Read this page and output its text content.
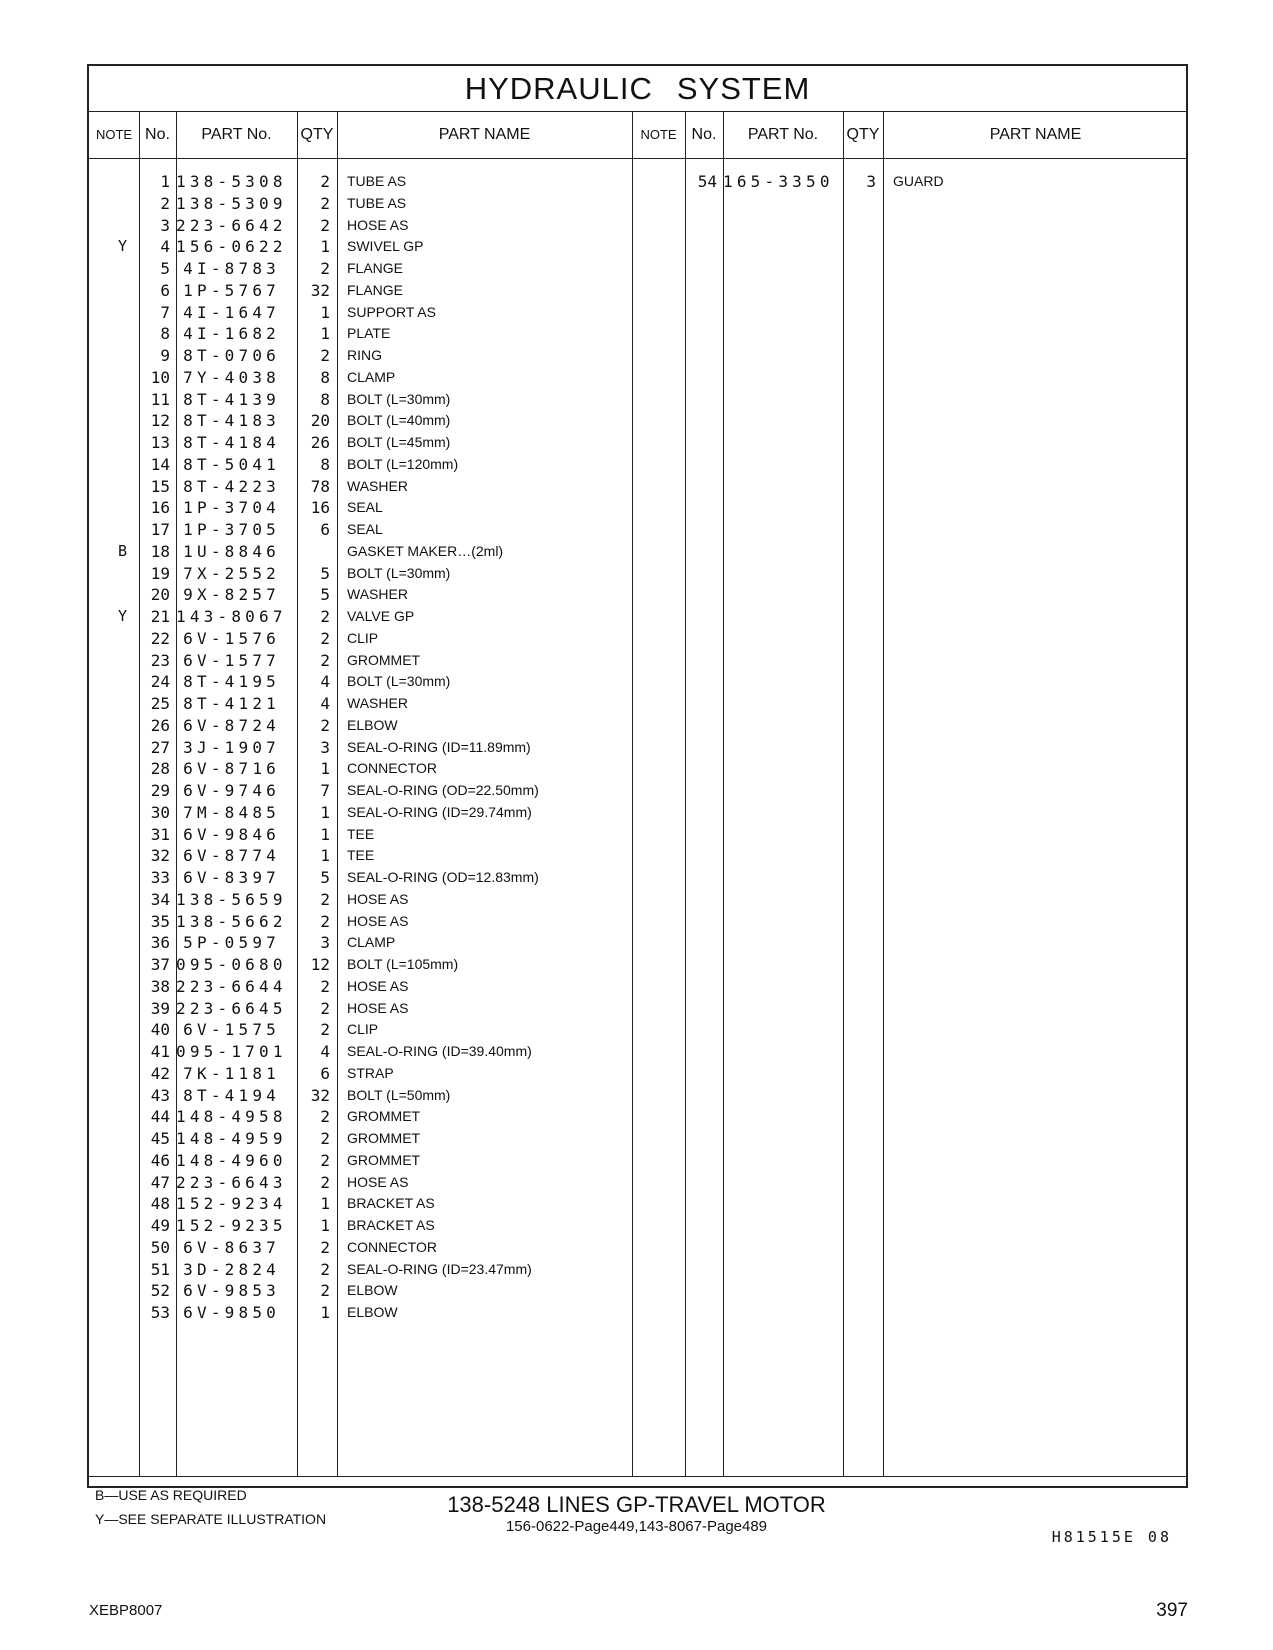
HYDRAULIC SYSTEM
NOTE No.	PART No.	QTY	PART NAME	NOTE No.	PART No.	QTY	PART NAME
1 138-5308	2 TUBE AS
2 138-5309	2 TUBE AS
3 223-6642	2 HOSE AS
Y	4 156-0622	1 SWIVEL GP
5 4I-8783	2 FLANGE
6 1P-5767	32 FLANGE
7 4I-1647	1 SUPPORT AS
8 4I-1682	1 PLATE
9 8T-0706	2 RING
10 7Y-4038	8 CLAMP
11 8T-4139	8 BOLT (L=30mm)
12 8T-4183	20 BOLT (L=40mm)
13 8T-4184	26 BOLT (L=45mm)
14 8T-5041	8 BOLT (L=120mm)
15 8T-4223	78 WASHER
16 1P-3704	16 SEAL
17 1P-3705	6 SEAL
B	18 1U-8846	GASKET MAKER…(2ml)
19 7X-2552	5 BOLT (L=30mm)
20 9X-8257	5 WASHER
Y	21 143-8067	2 VALVE GP
22 6V-1576	2 CLIP
23 6V-1577	2 GROMMET
24 8T-4195	4 BOLT (L=30mm)
25 8T-4121	4 WASHER
26 6V-8724	2 ELBOW
27 3J-1907	3 SEAL-O-RING (ID=11.89mm)
28 6V-8716	1 CONNECTOR
29 6V-9746	7 SEAL-O-RING (OD=22.50mm)
30 7M-8485	1 SEAL-O-RING (ID=29.74mm)
31 6V-9846	1 TEE
32 6V-8774	1 TEE
33 6V-8397	5 SEAL-O-RING (OD=12.83mm)
34 138-5659	2 HOSE AS
35 138-5662	2 HOSE AS
36 5P-0597	3 CLAMP
37 095-0680	12 BOLT (L=105mm)
38 223-6644	2 HOSE AS
39 223-6645	2 HOSE AS
40 6V-1575	2 CLIP
41 095-1701	4 SEAL-O-RING (ID=39.40mm)
42 7K-1181	6 STRAP
43 8T-4194	32 BOLT (L=50mm)
44 148-4958	2 GROMMET
45 148-4959	2 GROMMET
46 148-4960	2 GROMMET
47 223-6643	2 HOSE AS
48 152-9234	1 BRACKET AS
49 152-9235	1 BRACKET AS
50 6V-8637	2 CONNECTOR
51 3D-2824	2 SEAL-O-RING (ID=23.47mm)
52 6V-9853	2 ELBOW
53 6V-9850	1 ELBOW
54 165-3350	3 GUARD
B—USE AS REQUIRED
Y—SEE SEPARATE ILLUSTRATION
H81515E 08
138-5248 LINES GP-TRAVEL MOTOR
156-0622-Page449,143-8067-Page489
XEBP8007	397
